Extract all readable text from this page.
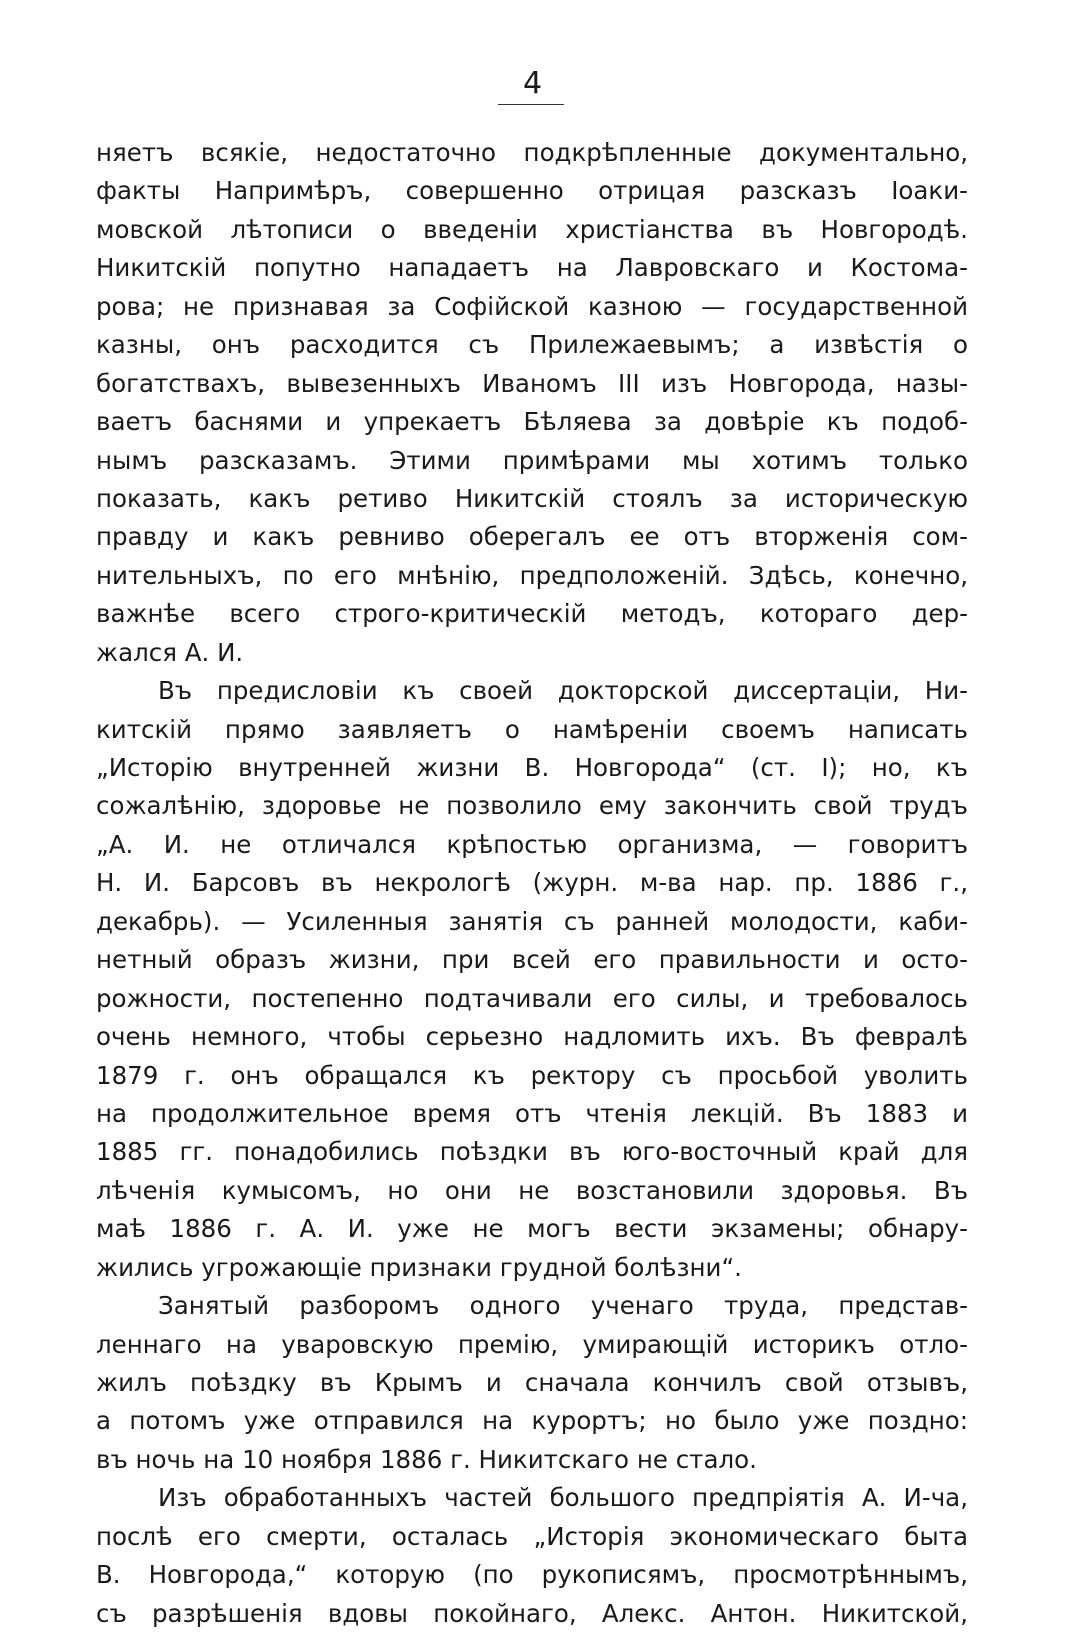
4
няетъ всякіе, недостаточно подкрѣпленные документально,
факты Напримѣръ, совершенно отрицая разсказъ Іоаки-
мовской лѣтописи о введеніи христіанства въ Новгородѣ.
Никитскій попутно нападаетъ на Лавровскаго и Костома-
рова; не признавая за Софійской казною — государственной
казны, онъ расходится съ Прилежаевымъ; а извѣстія о
богатствахъ, вывезенныхъ Иваномъ III изъ Новгорода, назы-
ваетъ баснями и упрекаетъ Бѣляева за довѣріе къ подоб-
нымъ разсказамъ. Этими примѣрами мы хотимъ только
показать, какъ ретиво Никитскій стоялъ за историческую
правду и какъ ревниво оберегалъ ее отъ вторженія сом-
нительныхъ, по его мнѣнію, предположеній. Здѣсь, конечно,
важнѣе всего строго-критическій методъ, котораго дер-
жался А. И.
Въ предисловіи къ своей докторской диссертаціи, Ни-
китскій прямо заявляетъ о намѣреніи своемъ написать
„Исторію внутренней жизни В. Новгорода“ (ст. I); но, къ
сожалѣнію, здоровье не позволило ему закончить свой трудъ
„А. И. не отличался крѣпостью организма, — говоритъ
Н. И. Барсовъ въ некрологѣ (журн. м-ва нар. пр. 1886 г.,
декабрь). — Усиленныя занятія съ ранней молодости, каби-
нетный образъ жизни, при всей его правильности и осто-
рожности, постепенно подтачивали его силы, и требовалось
очень немного, чтобы серьезно надломить ихъ. Въ февралѣ
1879 г. онъ обращался къ ректору съ просьбой уволить
на продолжительное время отъ чтенія лекцій. Въ 1883 и
1885 гг. понадобились поѣздки въ юго-восточный край для
лѣченія кумысомъ, но они не возстановили здоровья. Въ
маѣ 1886 г. А. И. уже не могъ вести экзамены; обнару-
жились угрожающіе признаки грудной болѣзни“.
Занятый разборомъ одного ученаго труда, представ-
леннаго на уваровскую премію, умирающій историкъ отло-
жилъ поѣздку въ Крымъ и сначала кончилъ свой отзывъ,
а потомъ уже отправился на курортъ; но было уже поздно:
въ ночь на 10 ноября 1886 г. Никитскаго не стало.
Изъ обработанныхъ частей большого предпріятія А. И-ча,
послѣ его смерти, осталась „Исторія экономическаго быта
В. Новгорода,“ которую (по рукописямъ, просмотрѣннымъ,
съ разрѣшенія вдовы покойнаго, Алекс. Антон. Никитской,
